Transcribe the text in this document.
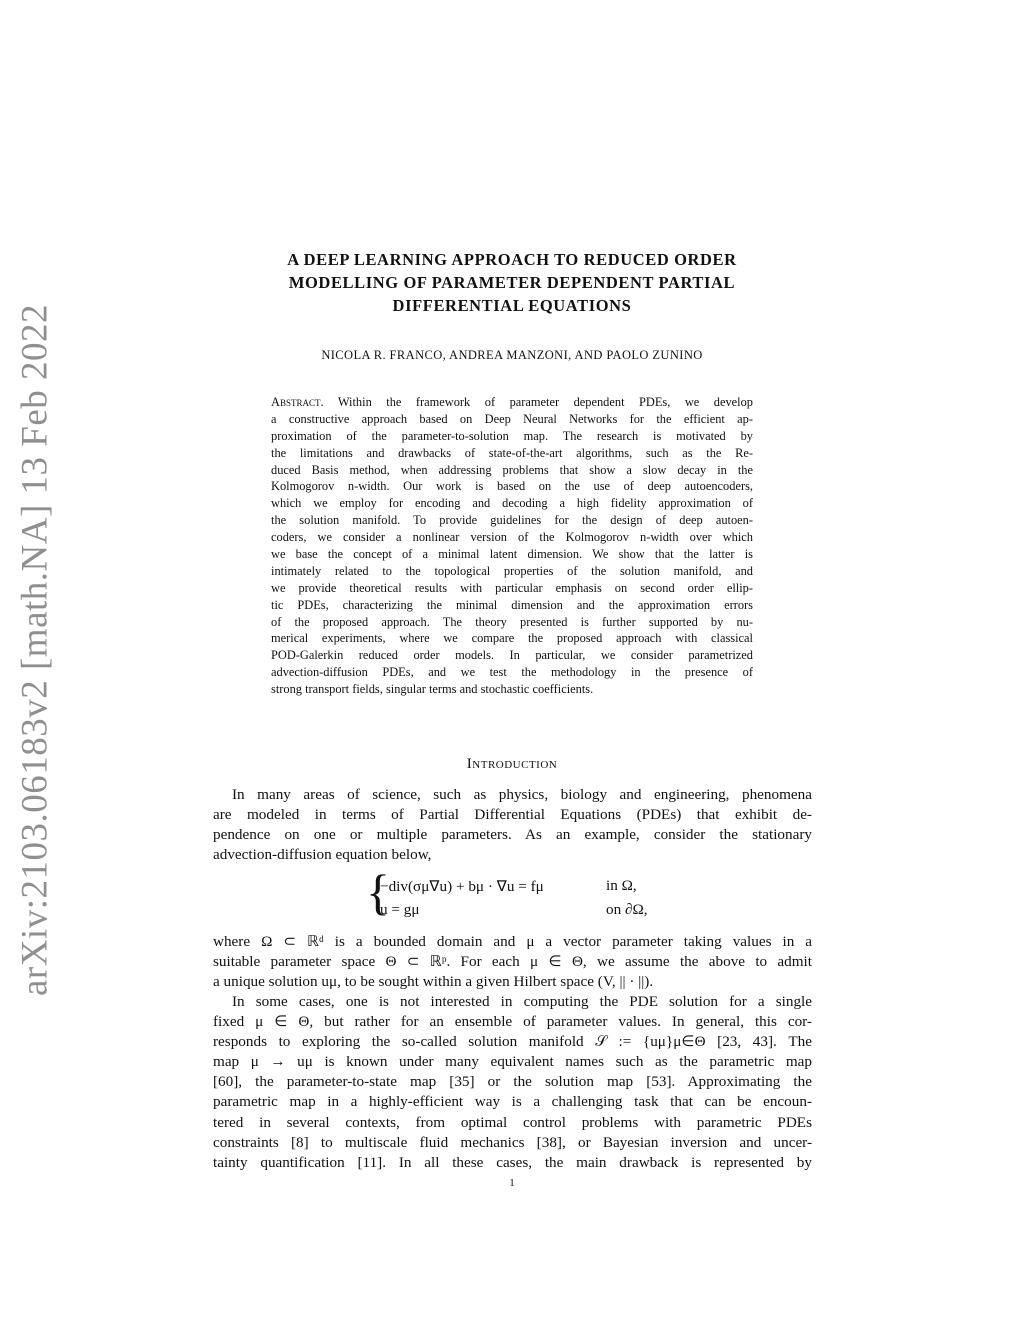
arXiv:2103.06183v2 [math.NA] 13 Feb 2022
A DEEP LEARNING APPROACH TO REDUCED ORDER
MODELLING OF PARAMETER DEPENDENT PARTIAL
DIFFERENTIAL EQUATIONS
NICOLA R. FRANCO, ANDREA MANZONI, AND PAOLO ZUNINO
Abstract. Within the framework of parameter dependent PDEs, we develop
a constructive approach based on Deep Neural Networks for the efficient ap-
proximation of the parameter-to-solution map. The research is motivated by
the limitations and drawbacks of state-of-the-art algorithms, such as the Re-
duced Basis method, when addressing problems that show a slow decay in the
Kolmogorov n-width. Our work is based on the use of deep autoencoders,
which we employ for encoding and decoding a high fidelity approximation of
the solution manifold. To provide guidelines for the design of deep autoen-
coders, we consider a nonlinear version of the Kolmogorov n-width over which
we base the concept of a minimal latent dimension. We show that the latter is
intimately related to the topological properties of the solution manifold, and
we provide theoretical results with particular emphasis on second order ellip-
tic PDEs, characterizing the minimal dimension and the approximation errors
of the proposed approach. The theory presented is further supported by nu-
merical experiments, where we compare the proposed approach with classical
POD-Galerkin reduced order models. In particular, we consider parametrized
advection-diffusion PDEs, and we test the methodology in the presence of
strong transport fields, singular terms and stochastic coefficients.
Introduction
In many areas of science, such as physics, biology and engineering, phenomena
are modeled in terms of Partial Differential Equations (PDEs) that exhibit de-
pendence on one or multiple parameters. As an example, consider the stationary
advection-diffusion equation below,
{
−div(σμ∇u) + bμ · ∇u = fμ	in Ω,
u = gμ	on ∂Ω,
where Ω ⊂ ℝᵈ is a bounded domain and μ a vector parameter taking values in a
suitable parameter space Θ ⊂ ℝᵖ. For each μ ∈ Θ, we assume the above to admit
a unique solution uμ, to be sought within a given Hilbert space (V, || · ||).
In some cases, one is not interested in computing the PDE solution for a single
fixed μ ∈ Θ, but rather for an ensemble of parameter values. In general, this cor-
responds to exploring the so-called solution manifold 𝒮 := {uμ}μ∈Θ [23, 43]. The
map μ → uμ is known under many equivalent names such as the parametric map
[60], the parameter-to-state map [35] or the solution map [53]. Approximating the
parametric map in a highly-efficient way is a challenging task that can be encoun-
tered in several contexts, from optimal control problems with parametric PDEs
constraints [8] to multiscale fluid mechanics [38], or Bayesian inversion and uncer-
tainty quantification [11]. In all these cases, the main drawback is represented by
1
